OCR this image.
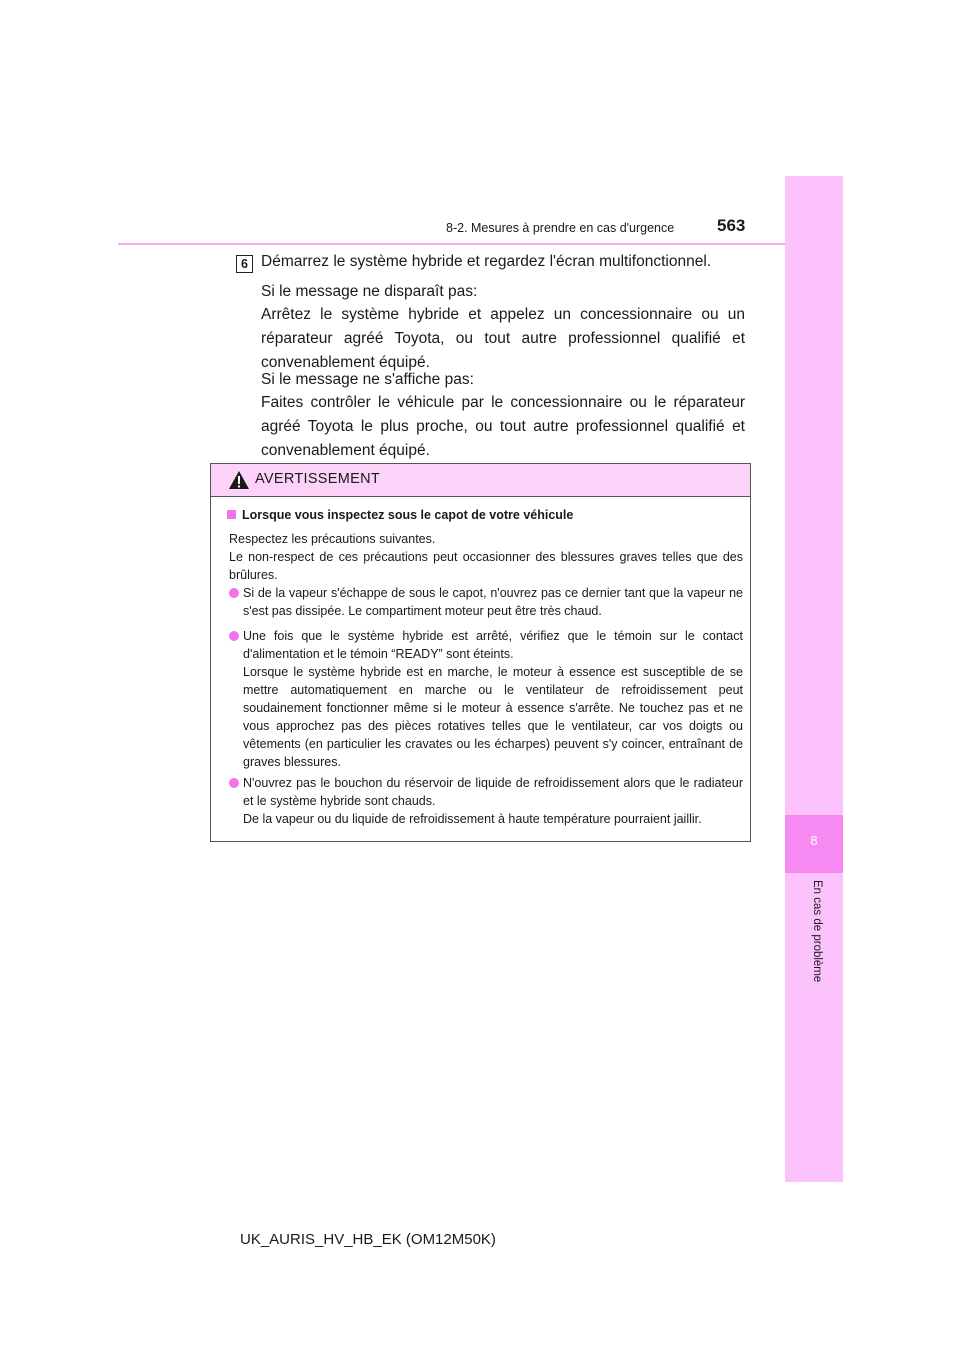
8-2. Mesures à prendre en cas d'urgence	563
8
En cas de problème
6 Démarrez le système hybride et regardez l'écran multifonctionnel.
Si le message ne disparaît pas:
Arrêtez le système hybride et appelez un concessionnaire ou un réparateur agréé Toyota, ou tout autre professionnel qualifié et convenablement équipé.
Si le message ne s'affiche pas:
Faites contrôler le véhicule par le concessionnaire ou le réparateur agréé Toyota le plus proche, ou tout autre professionnel qualifié et convenablement équipé.
AVERTISSEMENT
Lorsque vous inspectez sous le capot de votre véhicule
Respectez les précautions suivantes.
Le non-respect de ces précautions peut occasionner des blessures graves telles que des brûlures.
Si de la vapeur s'échappe de sous le capot, n'ouvrez pas ce dernier tant que la vapeur ne s'est pas dissipée. Le compartiment moteur peut être très chaud.
Une fois que le système hybride est arrêté, vérifiez que le témoin sur le contact d'alimentation et le témoin “READY” sont éteints.
Lorsque le système hybride est en marche, le moteur à essence est susceptible de se mettre automatiquement en marche ou le ventilateur de refroidissement peut soudainement fonctionner même si le moteur à essence s'arrête. Ne touchez pas et ne vous approchez pas des pièces rotatives telles que le ventilateur, car vos doigts ou vêtements (en particulier les cravates ou les écharpes) peuvent s'y coincer, entraînant de graves blessures.
N'ouvrez pas le bouchon du réservoir de liquide de refroidissement alors que le radiateur et le système hybride sont chauds.
De la vapeur ou du liquide de refroidissement à haute température pourraient jaillir.
UK_AURIS_HV_HB_EK (OM12M50K)
